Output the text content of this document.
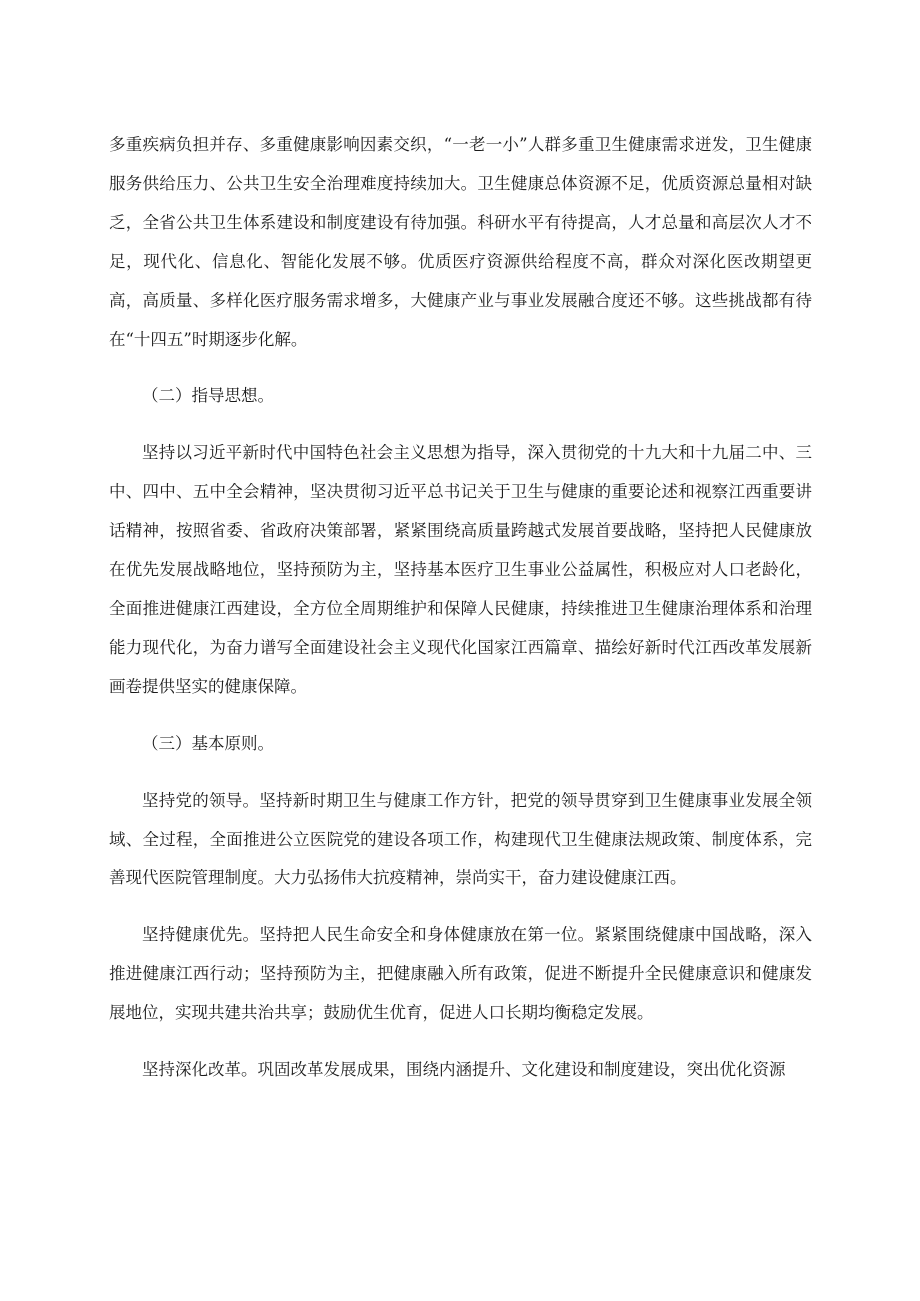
多重疾病负担并存、多重健康影响因素交织，“一老一小”人群多重卫生健康需求迸发，卫生健康服务供给压力、公共卫生安全治理难度持续加大。卫生健康总体资源不足，优质资源总量相对缺乏，全省公共卫生体系建设和制度建设有待加强。科研水平有待提高，人才总量和高层次人才不足，现代化、信息化、智能化发展不够。优质医疗资源供给程度不高，群众对深化医改期望更高，高质量、多样化医疗服务需求增多，大健康产业与事业发展融合度还不够。这些挑战都有待在“十四五”时期逐步化解。

（二）指导思想。

坚持以习近平新时代中国特色社会主义思想为指导，深入贯彻党的十九大和十九届二中、三中、四中、五中全会精神，坚决贯彻习近平总书记关于卫生与健康的重要论述和视察江西重要讲话精神，按照省委、省政府决策部署，紧紧围绕高质量跨越式发展首要战略，坚持把人民健康放在优先发展战略地位，坚持预防为主，坚持基本医疗卫生事业公益属性，积极应对人口老龄化，全面推进健康江西建设，全方位全周期维护和保障人民健康，持续推进卫生健康治理体系和治理能力现代化，为奋力谱写全面建设社会主义现代化国家江西篇章、描绘好新时代江西改革发展新画卷提供坚实的健康保障。

（三）基本原则。

坚持党的领导。坚持新时期卫生与健康工作方针，把党的领导贯穿到卫生健康事业发展全领域、全过程，全面推进公立医院党的建设各项工作，构建现代卫生健康法规政策、制度体系，完善现代医院管理制度。大力弘扬伟大抗疫精神，崇尚实干，奋力建设健康江西。

坚持健康优先。坚持把人民生命安全和身体健康放在第一位。紧紧围绕健康中国战略，深入推进健康江西行动；坚持预防为主，把健康融入所有政策，促进不断提升全民健康意识和健康发展地位，实现共建共治共享；鼓励优生优育，促进人口长期均衡稳定发展。

坚持深化改革。巩固改革发展成果，围绕内涵提升、文化建设和制度建设，突出优化资源
